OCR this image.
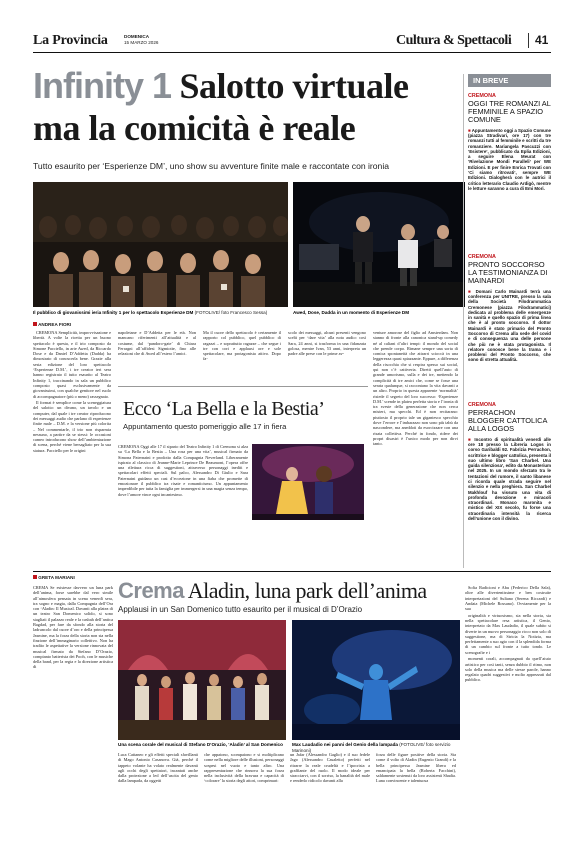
La Provincia	DOMENICA
15 MARZO 2026	Cultura & Spettacoli 41
Infinity 1 Salotto virtuale
ma la comicità è reale
Tutto esaurito per ‘Esperienze DM’, uno show su avventure finite male e raccontate con ironia
Il pubblico di giovanissimi ieria Infinity 1 per lo spettacolo Esperienze DM (FOTOLIVE/ foto Francesco Sessa)	Awed, Dose, Dadda in un momento di Esperienze DM
ANDREA FIORI

CREMONA Semplicità, improvvisazione e libertà. A volte la ricetta per un buono spettacolo è questa, e il trio composto da Simone Pacciello, in arte Awed, da Riccardo Dose e da Daniel D’Addetta (Dadda) ha dimostrato di conoscerla bene. Grazie alla sesta edizione del loro spettacolo ‘Esperienze D.M.’, i tre creator ieri sera hanno registrato il tutto esaurito al Teatro Infinity 1, traccinando in sala un pubblico composto quasi esclusivamente da giovanissimi, con qualche genitore nel ruolo di accompagnatore (più o meno) rassegnato.

Il format è semplice come la sceneggiatura del salotto: un divano, un tavolo e un computer, dal quale i tre creator riproducono dei messaggi audio che parlano di esperienze finite male – D.M. e la versione più colorita – Nel commentarle, il trio non risparmia nessuno, a partire da se stessi: le occasioni cameo introducono show dell’ambientazione di scena, perché viene bersagliato per la sua statura. Pacciello per le origini

napoletane e D’Addetta per le età. Non mancano riferimenti all’attualità e al costume, dal ‘pandoro-gate’ di Chiara Ferragni all’affidesi Sigmiotte, fino alle relazioni che di Awed all’estero l’amici.
Ma il cuore dello spettacolo è certamente il rapporto col pubblico, quel pubblico di ragazzi – e soprattutto ragazze – che segue i tre con cori e applausi ore e sole spettacolare, ma protagonista attivo. Dopo fa-
scolo dei messaggi, alcuni presenti vengono scelti per ‘dare vita’ alla nota audio: così Sara, 24 anni, si trasforma in una fidanzata golosa, mentre Ivan, 53 anni, interpreta un padre alle prese con le prime av-
venture amorose del figlio ad Amsterdam. Non stanno di fronte alla canonica stand-up comedy né al caliani d’altri tempi: il mondo del social che prende corpo. Rimane sempre una sorta di comica spontaneità che attrarri scioccà in una leggerezza quasi spiazzante. Eppure, a differenza della risocchia che si respira spesso sui social, qui non c’è cattiveria. Diretti quell’auto di grande umorismo, sulla e dei tre, mettendo la complicità di tre amici che, come se fosse una serata qualunque, si raccontano la vita davanti a un altro. Proprio in questa apparente ‘normalità’ risiede il segreto del loro successo: ‘Esperienze D.M.’ scende in platea perfetta storia e l’ironia di tra sveste della generazione che non cerca misteri, ma specchi. Ed è non recitarano: piuttosto il proprio tale un gigantesco specchio dove l’errore e l’imbarazzo non sono più tabù da nascondere, ma aneddoti da esorcizzare con una risata collettiva. Perché in fondo, ridere dei propri disastri è l’unico modo per non dirvi tanto.
Ecco ‘La Bella e la Bestia’
Appuntamento questo pomeriggio alle 17 in fiera
CREMONA Oggi alle 17 il sipario del Teatro Infinity 1 di Cremona si alza su ‘La Bella e la Bestia – Una rosa per una vita’, musical firmato da Simona Paternaini e prodotto dalla Compagnia Neverland. Liberamente ispirato al classico di Jeanne-Marie Leprince De Beaumont, l’opera offre una rilettura ricca di suggestioni, attraverso personaggi inediti e spettacolari effetti speciali. Sul palco, Alessandro Di Giulio e Sara Paternaini guidano un cast d’eccezione in una fiaba che promette di emozionare il pubblico tra risate e romanticismo. Un appuntamento imperdibile per tutta la famiglia per immergersi in una magia senza tempo, dove l’amore vince ogni incantesimo.
IN BREVE
CREMONA
OGGI TRE ROMANZI AL FEMMINILE A SPAZIO COMUNE
■ Appuntamento oggi a Spazio Comune (piazza Stradivari, ore 17) con tre romanzi tutti al femminile e scritti da tre romanziere. Mariangela Pascuzzi con ‘Esistere’, pubblicato da Eplia Edizioni, a seguire Elena Meurat con ‘Rivelazione Mondi Paralleli’ per WE Edizioni. E per finire Enrica Trovati con ‘Ci siamo ritrovati’, sempre WE Edizioni. Dialogherà con le autrici il critico letterario Claudio Ardigò, mentre le letture saranno a cura di Emi Mori.
CREMONA
PRONTO SOCCORSO LA TESTIMONIANZA DI MAINARDI
■ Domani Carlo Mainardi terrà una conferenza per UNITRE, presso la sala della Società Filodrammatica Cremonese (piazza Filodrammatici) dedicata al problema delle emergenze in sanità e quello spazio di prima linea che è al pronto soccorso. Il dottor Mainardi è stato primario del Pronto Soccorso di Crema alla sede del covid e di conseguenza una delle persone che più ne è stata protagonista. Il relatore conosce bene la trama e i problemi del Pronto Soccorso, che sono di stretta attualità.
CREMONA
PERRACHON BLOGGER CATTOLICA ALLA LOGOS
■ Incontro di spiritualità venerdì alle ore 18 presso la Libreria Logos in corso Garibaldi 92. Fabrizia Perrachon, scrittrice e blogger cattolica, presenta il suo ultimo libro ‘San Charbel. Una guida silenziosa’, edito da Monasterium nel 2025. In un mondo sferzato tra le tentazioni del rumore, il santo libanese ci ricorda quale strada seguire nel silenzio e nella preghiera. San Charbel Makhlouf ha vissuto una vita di profonda devozione e miracoli straordinari. Monaco maronita e mistico del XIX secolo, fu forse una straordinaria intensità la ricerca dell’unione con il divino.
GRETA MARIANI
Crema Aladin, luna park dell’anima
Applausi in un San Domenico tutto esaurito per il musical di D’Orazio
CREMA Se esistesse davvero un luna park dell’anima, forse sarebbe dal vero simile all’atmosfera pensata in scena venerdì sera, tra sogno e magia, dalla Compagnia dell’Ora con ‘Aladin: Il Musical. Davanti alla platea di un teatro San Domenico solido, si sono stagliati il palazzo reale e la casbah dell’antica Bagdad, per fare da sfondo alla storia del ladruncolo dal cuore d’oro e della principessa Jasmine, ma la forza della storia non sta nella finzione dell’immaginario collettivo. Non ha tradito le aspettative la versione rinnovata del musical firmato da Stefano D’Orazio, compianto batterista dei Pooh, con le musiche della band, per la regia e la direzione artistica di
Una scena corale del musical di Stefano D’Orazio, ‘Aladin’ al San Domenico	Max Laudadio nei panni del Genio della lampada (FOTOLIVE/ foto servizio Marinoni)
Luca Cattaneo e gli effetti speciali sfavillanti di Mago Antonio Casanova. Già, perché il tappeto volante ha volato realmente davanti agli occhi degli spettatori, incantati anche dalla proiezione a led dell’uscita del genio dalla lampada, da oggetti
che appaiono, scompaiono e si moltiplicano come nella migliore delle illusioni, personaggi sospesi nel vuoto e tanto altro. Una rappresentazione che rinnova la sua forza nella inclusività della bravura e capacità di ‘colorare’ la storia degli attori, comprimari:
un Jafar (Alessandro Gaglio) e il suo fedele Jago (Alessandro Casaletto) perfetti nel ritrarre la reale crudeltà e l’ipocrisia a graffiante del ruolo. Il modo ideale per stracciarvi, con il sorriso, la banalità del male e renderlo ridicolo davanti alla
forza delle figure positive della storia. Sia come il volto di Aladin (Eugenio Grandi) e la bella principessa Jasmine libera ed emancipata la bella (Roberta Facchini), saldamente sostenuti da loro assistenti Shadia. Luna convincente e talentuosa

Sofia Radicioni e Abu (Federico Della Sala), oltre alle divertentissime e ben costruite interpretazioni del Sultano (Serena Riccardi) e Andaia (Michele Rossano). Ovviamente per la sua

originalità e virtuosismo, sia nella storia, sia nella spettacolare resa artistica, il Genio, interpretato da Max Laudadio, il quale subito si diverte in un nuovo personaggio ricco non solo di suggestione, ma di Stricia la Notizia, ma perfettamente a suo agio con il la splendida forma di un cambio sul fronte a tutto tondo. Le scenografie e i

momenti corali, accompagnati da quell’aiuto artistico per così tanti, senza dubbio il ritmo, non solo della musica ma delle stesse parole, hanno regalato quadri suggestivi e molto apprezzati dal pubblico.
